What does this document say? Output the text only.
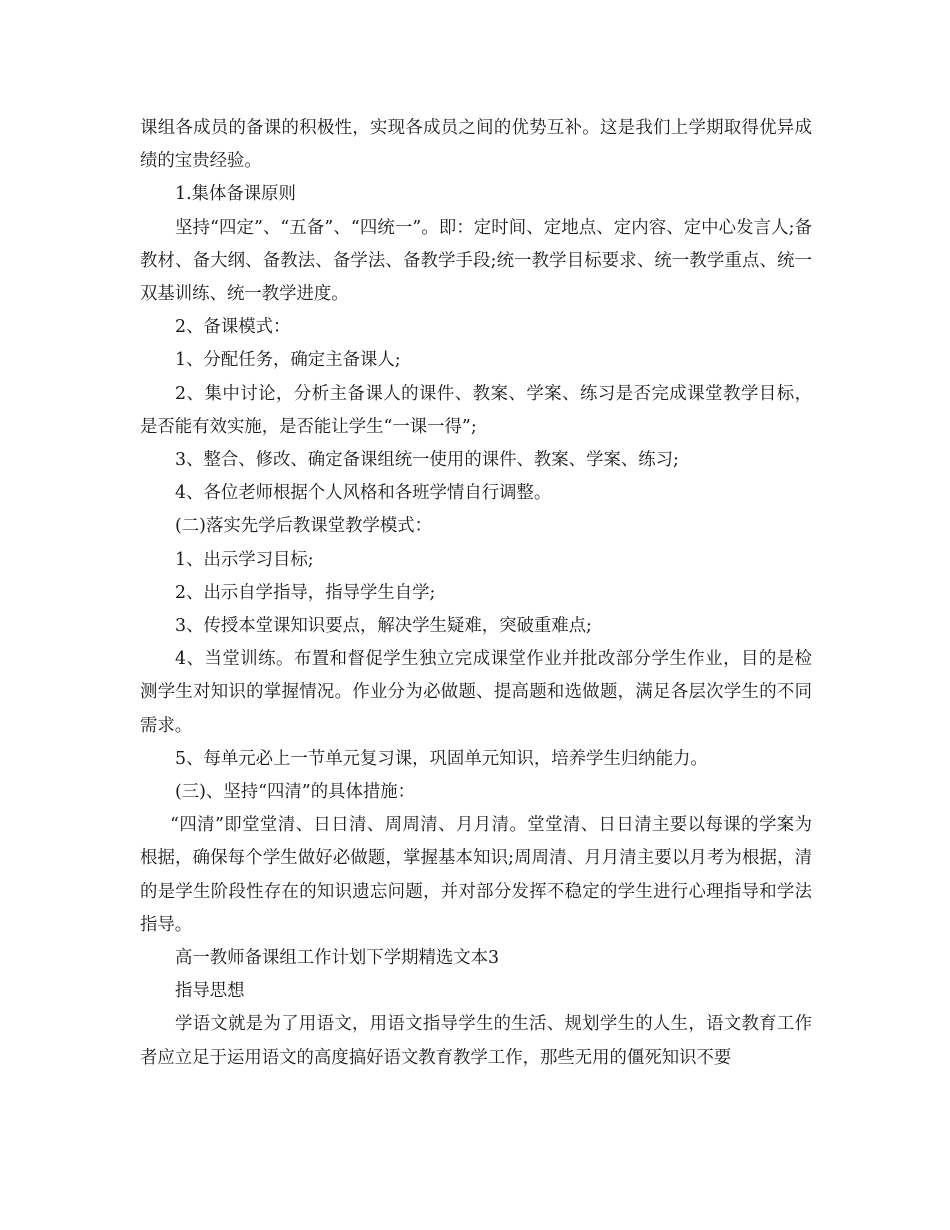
课组各成员的备课的积极性，实现各成员之间的优势互补。这是我们上学期取得优异成绩的宝贵经验。

1.集体备课原则

坚持“四定”、“五备”、“四统一”。即：定时间、定地点、定内容、定中心发言人;备教材、备大纲、备教法、备学法、备教学手段;统一教学目标要求、统一教学重点、统一双基训练、统一教学进度。

2、备课模式：

1、分配任务，确定主备课人;

2、集中讨论，分析主备课人的课件、教案、学案、练习是否完成课堂教学目标，是否能有效实施，是否能让学生“一课一得”;

3、整合、修改、确定备课组统一使用的课件、教案、学案、练习;

4、各位老师根据个人风格和各班学情自行调整。

(二)落实先学后教课堂教学模式：

1、出示学习目标;

2、出示自学指导，指导学生自学;

3、传授本堂课知识要点，解决学生疑难，突破重难点;

4、当堂训练。布置和督促学生独立完成课堂作业并批改部分学生作业，目的是检测学生对知识的掌握情况。作业分为必做题、提高题和选做题，满足各层次学生的不同需求。

5、每单元必上一节单元复习课，巩固单元知识，培养学生归纳能力。

(三)、坚持“四清”的具体措施：

“四清”即堂堂清、日日清、周周清、月月清。堂堂清、日日清主要以每课的学案为根据，确保每个学生做好必做题，掌握基本知识;周周清、月月清主要以月考为根据，清的是学生阶段性存在的知识遗忘问题，并对部分发挥不稳定的学生进行心理指导和学法指导。

高一教师备课组工作计划下学期精选文本3

指导思想

学语文就是为了用语文，用语文指导学生的生活、规划学生的人生，语文教育工作者应立足于运用语文的高度搞好语文教育教学工作，那些无用的僵死知识不要
